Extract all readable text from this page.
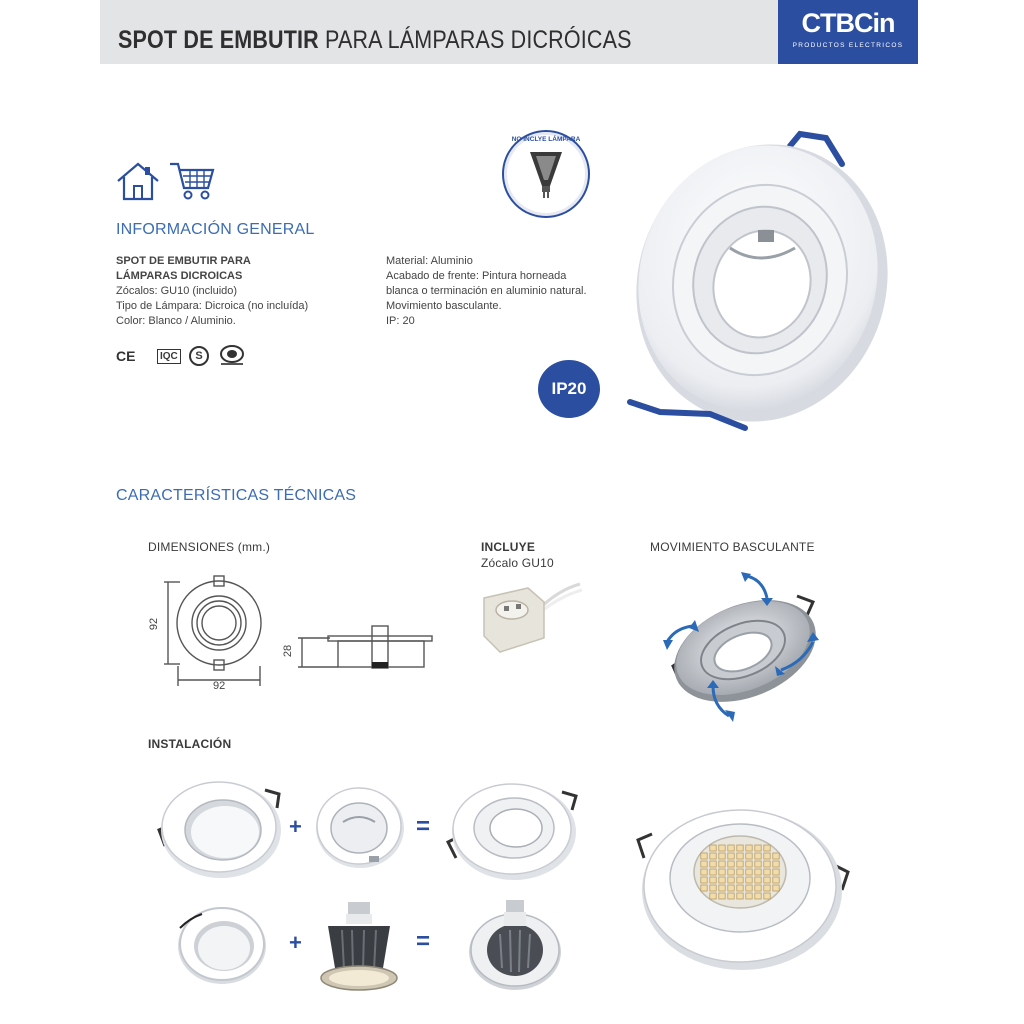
SPOT DE EMBUTIR PARA LÁMPARAS DICRÓICAS
CTBCin
PRODUCTOS ELECTRICOS
INFORMACIÓN GENERAL
SPOT DE EMBUTIR PARA
LÁMPARAS DICROICAS
Zócalos: GU10 (incluido)
Tipo de Lámpara: Dicroica (no incluída)
Color: Blanco / Aluminio.
Material: Aluminio
Acabado de frente: Pintura horneada
blanca o terminación en aluminio natural.
Movimiento basculante.
IP: 20
CE	IQC	S
NO INCLYE LÁMPARA
IP20
CARACTERÍSTICAS TÉCNICAS
DIMENSIONES (mm.)
92
92
28
INCLUYE
Zócalo GU10
MOVIMIENTO BASCULANTE
INSTALACIÓN
+	=
+	=
